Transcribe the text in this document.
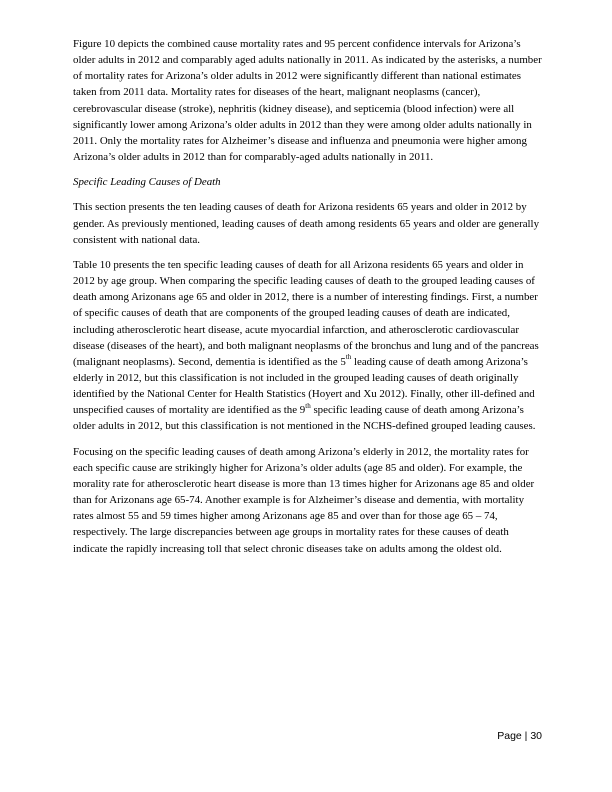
Figure 10 depicts the combined cause mortality rates and 95 percent confidence intervals for Arizona’s older adults in 2012 and comparably aged adults nationally in 2011. As indicated by the asterisks, a number of mortality rates for Arizona’s older adults in 2012 were significantly different than national estimates taken from 2011 data. Mortality rates for diseases of the heart, malignant neoplasms (cancer), cerebrovascular disease (stroke), nephritis (kidney disease), and septicemia (blood infection) were all significantly lower among Arizona’s older adults in 2012 than they were among older adults nationally in 2011. Only the mortality rates for Alzheimer’s disease and influenza and pneumonia were higher among Arizona’s older adults in 2012 than for comparably-aged adults nationally in 2011.

Specific Leading Causes of Death

This section presents the ten leading causes of death for Arizona residents 65 years and older in 2012 by gender. As previously mentioned, leading causes of death among residents 65 years and older are generally consistent with national data.

Table 10 presents the ten specific leading causes of death for all Arizona residents 65 years and older in 2012 by age group. When comparing the specific leading causes of death to the grouped leading causes of death among Arizonans age 65 and older in 2012, there is a number of interesting findings. First, a number of specific causes of death that are components of the grouped leading causes of death are indicated, including atherosclerotic heart disease, acute myocardial infarction, and atherosclerotic cardiovascular disease (diseases of the heart), and both malignant neoplasms of the bronchus and lung and of the pancreas (malignant neoplasms). Second, dementia is identified as the 5th leading cause of death among Arizona’s elderly in 2012, but this classification is not included in the grouped leading causes of death originally identified by the National Center for Health Statistics (Hoyert and Xu 2012). Finally, other ill-defined and unspecified causes of mortality are identified as the 9th specific leading cause of death among Arizona’s older adults in 2012, but this classification is not mentioned in the NCHS-defined grouped leading causes.

Focusing on the specific leading causes of death among Arizona’s elderly in 2012, the mortality rates for each specific cause are strikingly higher for Arizona’s older adults (age 85 and older). For example, the morality rate for atherosclerotic heart disease is more than 13 times higher for Arizonans age 85 and older than for Arizonans age 65-74. Another example is for Alzheimer’s disease and dementia, with mortality rates almost 55 and 59 times higher among Arizonans age 85 and over than for those age 65 – 74, respectively. The large discrepancies between age groups in mortality rates for these causes of death indicate the rapidly increasing toll that select chronic diseases take on adults among the oldest old.

Page | 30
